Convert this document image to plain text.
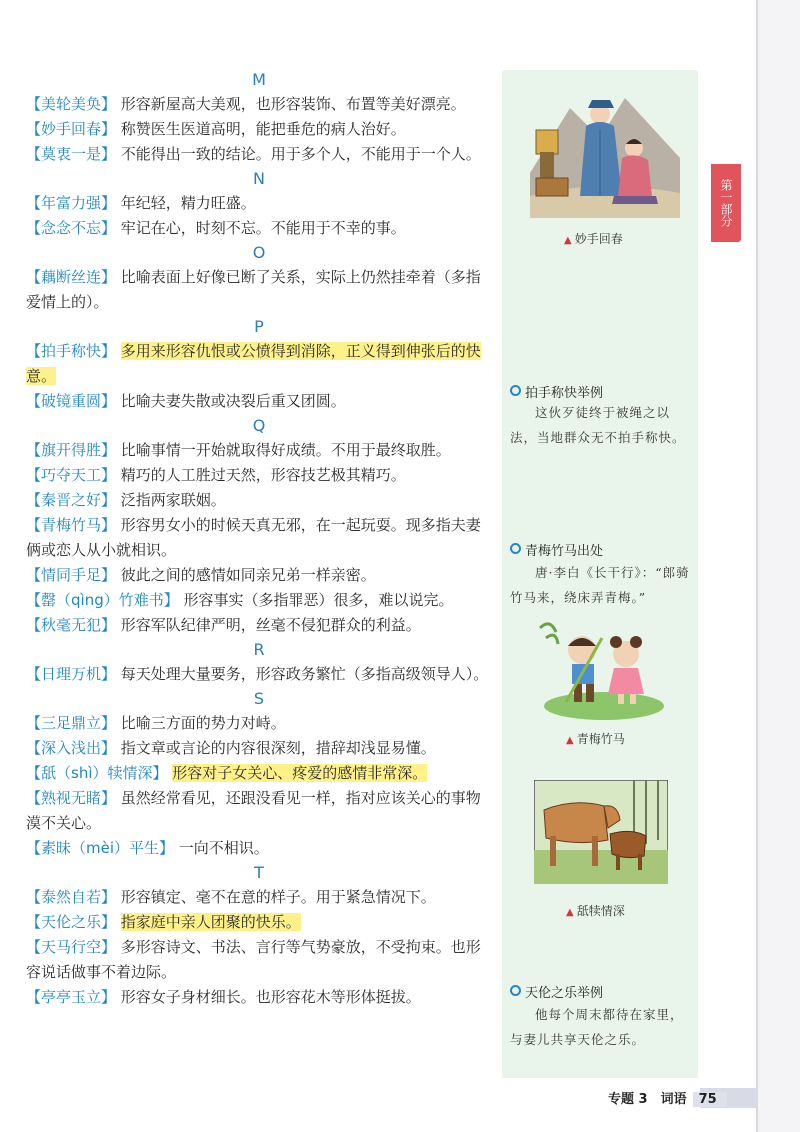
M

【美轮美奂】 形容新屋高大美观，也形容装饰、布置等美好漂亮。

【妙手回春】 称赞医生医道高明，能把垂危的病人治好。

【莫衷一是】 不能得出一致的结论。用于多个人，不能用于一个人。

N

【年富力强】 年纪轻，精力旺盛。

【念念不忘】 牢记在心，时刻不忘。不能用于不幸的事。

O

【藕断丝连】 比喻表面上好像已断了关系，实际上仍然挂牵着（多指爱情上的）。

P

【拍手称快】 多用来形容仇恨或公愤得到消除，正义得到伸张后的快意。

【破镜重圆】 比喻夫妻失散或决裂后重又团圆。

Q

【旗开得胜】 比喻事情一开始就取得好成绩。不用于最终取胜。

【巧夺天工】 精巧的人工胜过天然，形容技艺极其精巧。

【秦晋之好】 泛指两家联姻。

【青梅竹马】 形容男女小的时候天真无邪，在一起玩耍。现多指夫妻俩或恋人从小就相识。

【情同手足】 彼此之间的感情如同亲兄弟一样亲密。

【罄（qìng）竹难书】 形容事实（多指罪恶）很多，难以说完。

【秋毫无犯】 形容军队纪律严明，丝毫不侵犯群众的利益。

R

【日理万机】 每天处理大量要务，形容政务繁忙（多指高级领导人）。

S

【三足鼎立】 比喻三方面的势力对峙。

【深入浅出】 指文章或言论的内容很深刻，措辞却浅显易懂。

【舐（shì）犊情深】 形容对子女关心、疼爱的感情非常深。

【熟视无睹】 虽然经常看见，还跟没看见一样，指对应该关心的事物漠不关心。

【素昧（mèi）平生】 一向不相识。

T

【泰然自若】 形容镇定、毫不在意的样子。用于紧急情况下。

【天伦之乐】 指家庭中亲人团聚的快乐。

【天马行空】 多形容诗文、书法、言行等气势豪放，不受拘束。也形容说话做事不着边际。

【亭亭玉立】 形容女子身材细长。也形容花木等形体挺拔。

▲ 妙手回春
拍手称快举例
这伙歹徒终于被绳之以法，当地群众无不拍手称快。
青梅竹马出处
唐·李白《长干行》：“郎骑竹马来，绕床弄青梅。”
▲ 青梅竹马
▲ 舐犊情深
天伦之乐举例
他每个周末都待在家里，与妻儿共享天伦之乐。
第一部分
专题 3　词语 75
